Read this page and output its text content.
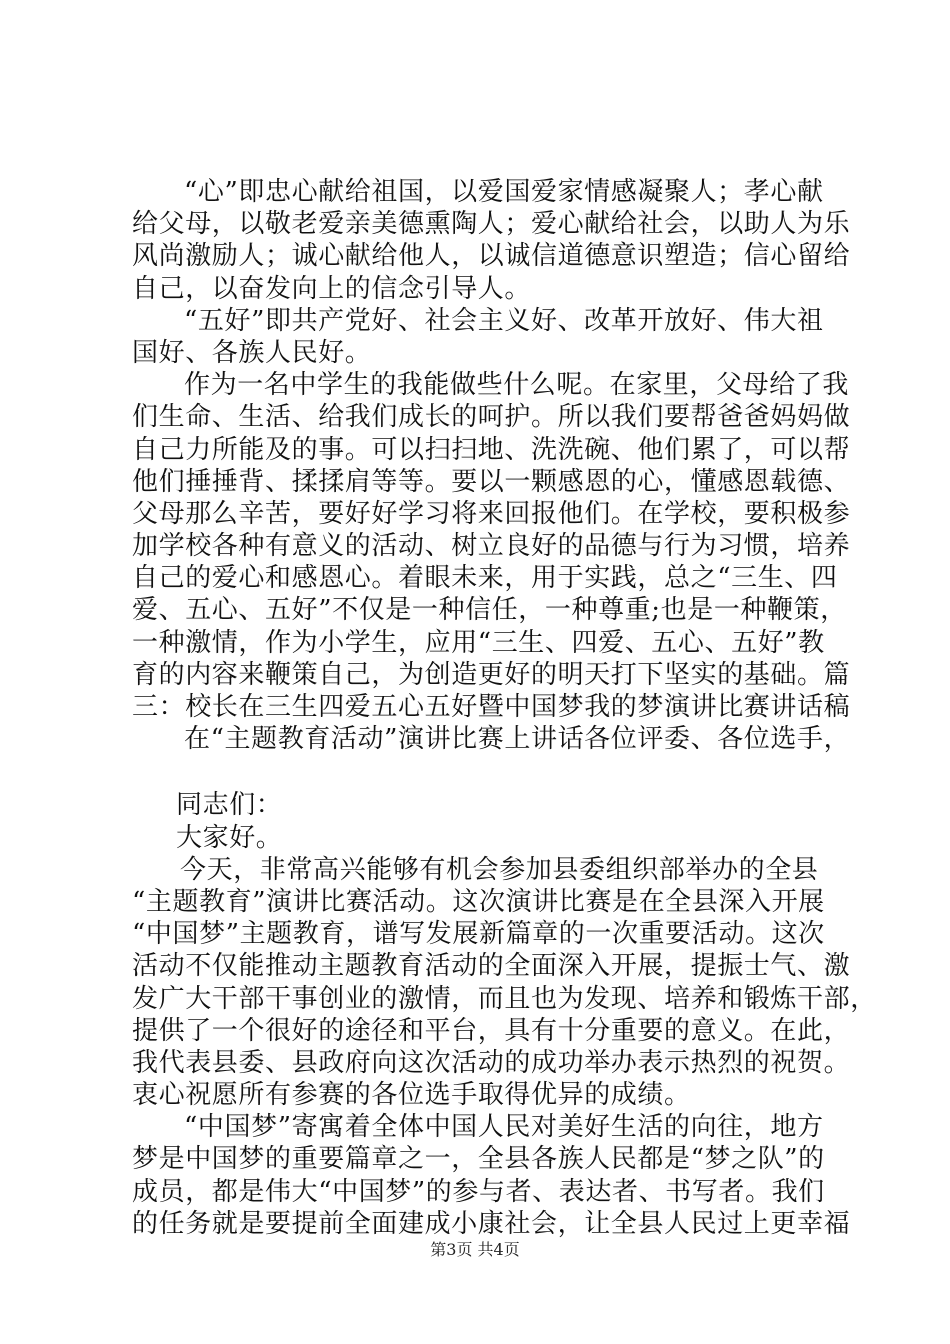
“心”即忠心献给祖国，以爱国爱家情感凝聚人；孝心献
给父母，以敬老爱亲美德熏陶人；爱心献给社会，以助人为乐
风尚激励人；诚心献给他人，以诚信道德意识塑造；信心留给
自己，以奋发向上的信念引导人。
“五好”即共产党好、社会主义好、改革开放好、伟大祖
国好、各族人民好。
作为一名中学生的我能做些什么呢。在家里，父母给了我
们生命、生活、给我们成长的呵护。所以我们要帮爸爸妈妈做
自己力所能及的事。可以扫扫地、洗洗碗、他们累了，可以帮
他们捶捶背、揉揉肩等等。要以一颗感恩的心，懂感恩载德、
父母那么辛苦，要好好学习将来回报他们。在学校，要积极参
加学校各种有意义的活动、树立良好的品德与行为习惯，培养
自己的爱心和感恩心。着眼未来，用于实践，总之“三生、四
爱、五心、五好”不仅是一种信任，一种尊重;也是一种鞭策，
一种激情，作为小学生，应用“三生、四爱、五心、五好”教
育的内容来鞭策自己，为创造更好的明天打下坚实的基础。篇
三：校长在三生四爱五心五好暨中国梦我的梦演讲比赛讲话稿
在“主题教育活动”演讲比赛上讲话各位评委、各位选手，
同志们：
大家好。
今天，非常高兴能够有机会参加县委组织部举办的全县
“主题教育”演讲比赛活动。这次演讲比赛是在全县深入开展
“中国梦”主题教育，谱写发展新篇章的一次重要活动。这次
活动不仅能推动主题教育活动的全面深入开展，提振士气、激
发广大干部干事创业的激情，而且也为发现、培养和锻炼干部，
提供了一个很好的途径和平台，具有十分重要的意义。在此，
我代表县委、县政府向这次活动的成功举办表示热烈的祝贺。
衷心祝愿所有参赛的各位选手取得优异的成绩。
“中国梦”寄寓着全体中国人民对美好生活的向往，地方
梦是中国梦的重要篇章之一，全县各族人民都是“梦之队”的
成员，都是伟大“中国梦”的参与者、表达者、书写者。我们
的任务就是要提前全面建成小康社会，让全县人民过上更幸福
第3页 共4页
